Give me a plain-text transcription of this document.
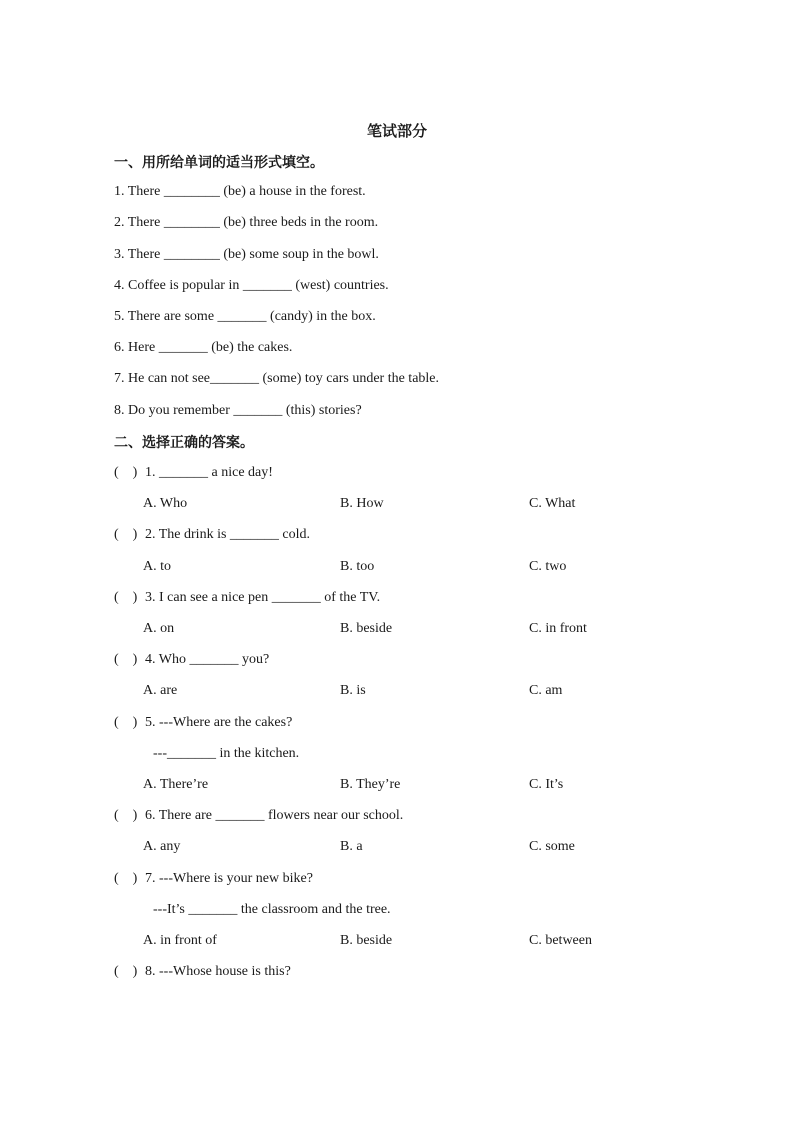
笔试部分
一、用所给单词的适当形式填空。
1. There ________ (be) a house in the forest.
2. There ________ (be) three beds in the room.
3. There ________ (be) some soup in the bowl.
4. Coffee is popular in _______ (west) countries.
5. There are some _______ (candy) in the box.
6. Here _______ (be) the cakes.
7. He can not see_______ (some) toy cars under the table.
8. Do you remember _______ (this) stories?
二、选择正确的答案。
(    ) 1. _______ a nice day!
A. Who	B. How	C. What
(    ) 2. The drink is _______ cold.
A. to	B. too	C. two
(    ) 3. I can see a nice pen _______ of the TV.
A. on	B. beside	C. in front
(    ) 4. Who _______ you?
A. are	B. is	C. am
(    ) 5. ---Where are the cakes?
---_______ in the kitchen.
A. There’re	B. They’re	C. It’s
(    ) 6. There are _______ flowers near our school.
A. any	B. a	C. some
(    ) 7. ---Where is your new bike?
---It’s _______ the classroom and the tree.
A. in front of	B. beside	C. between
(    ) 8. ---Whose house is this?
